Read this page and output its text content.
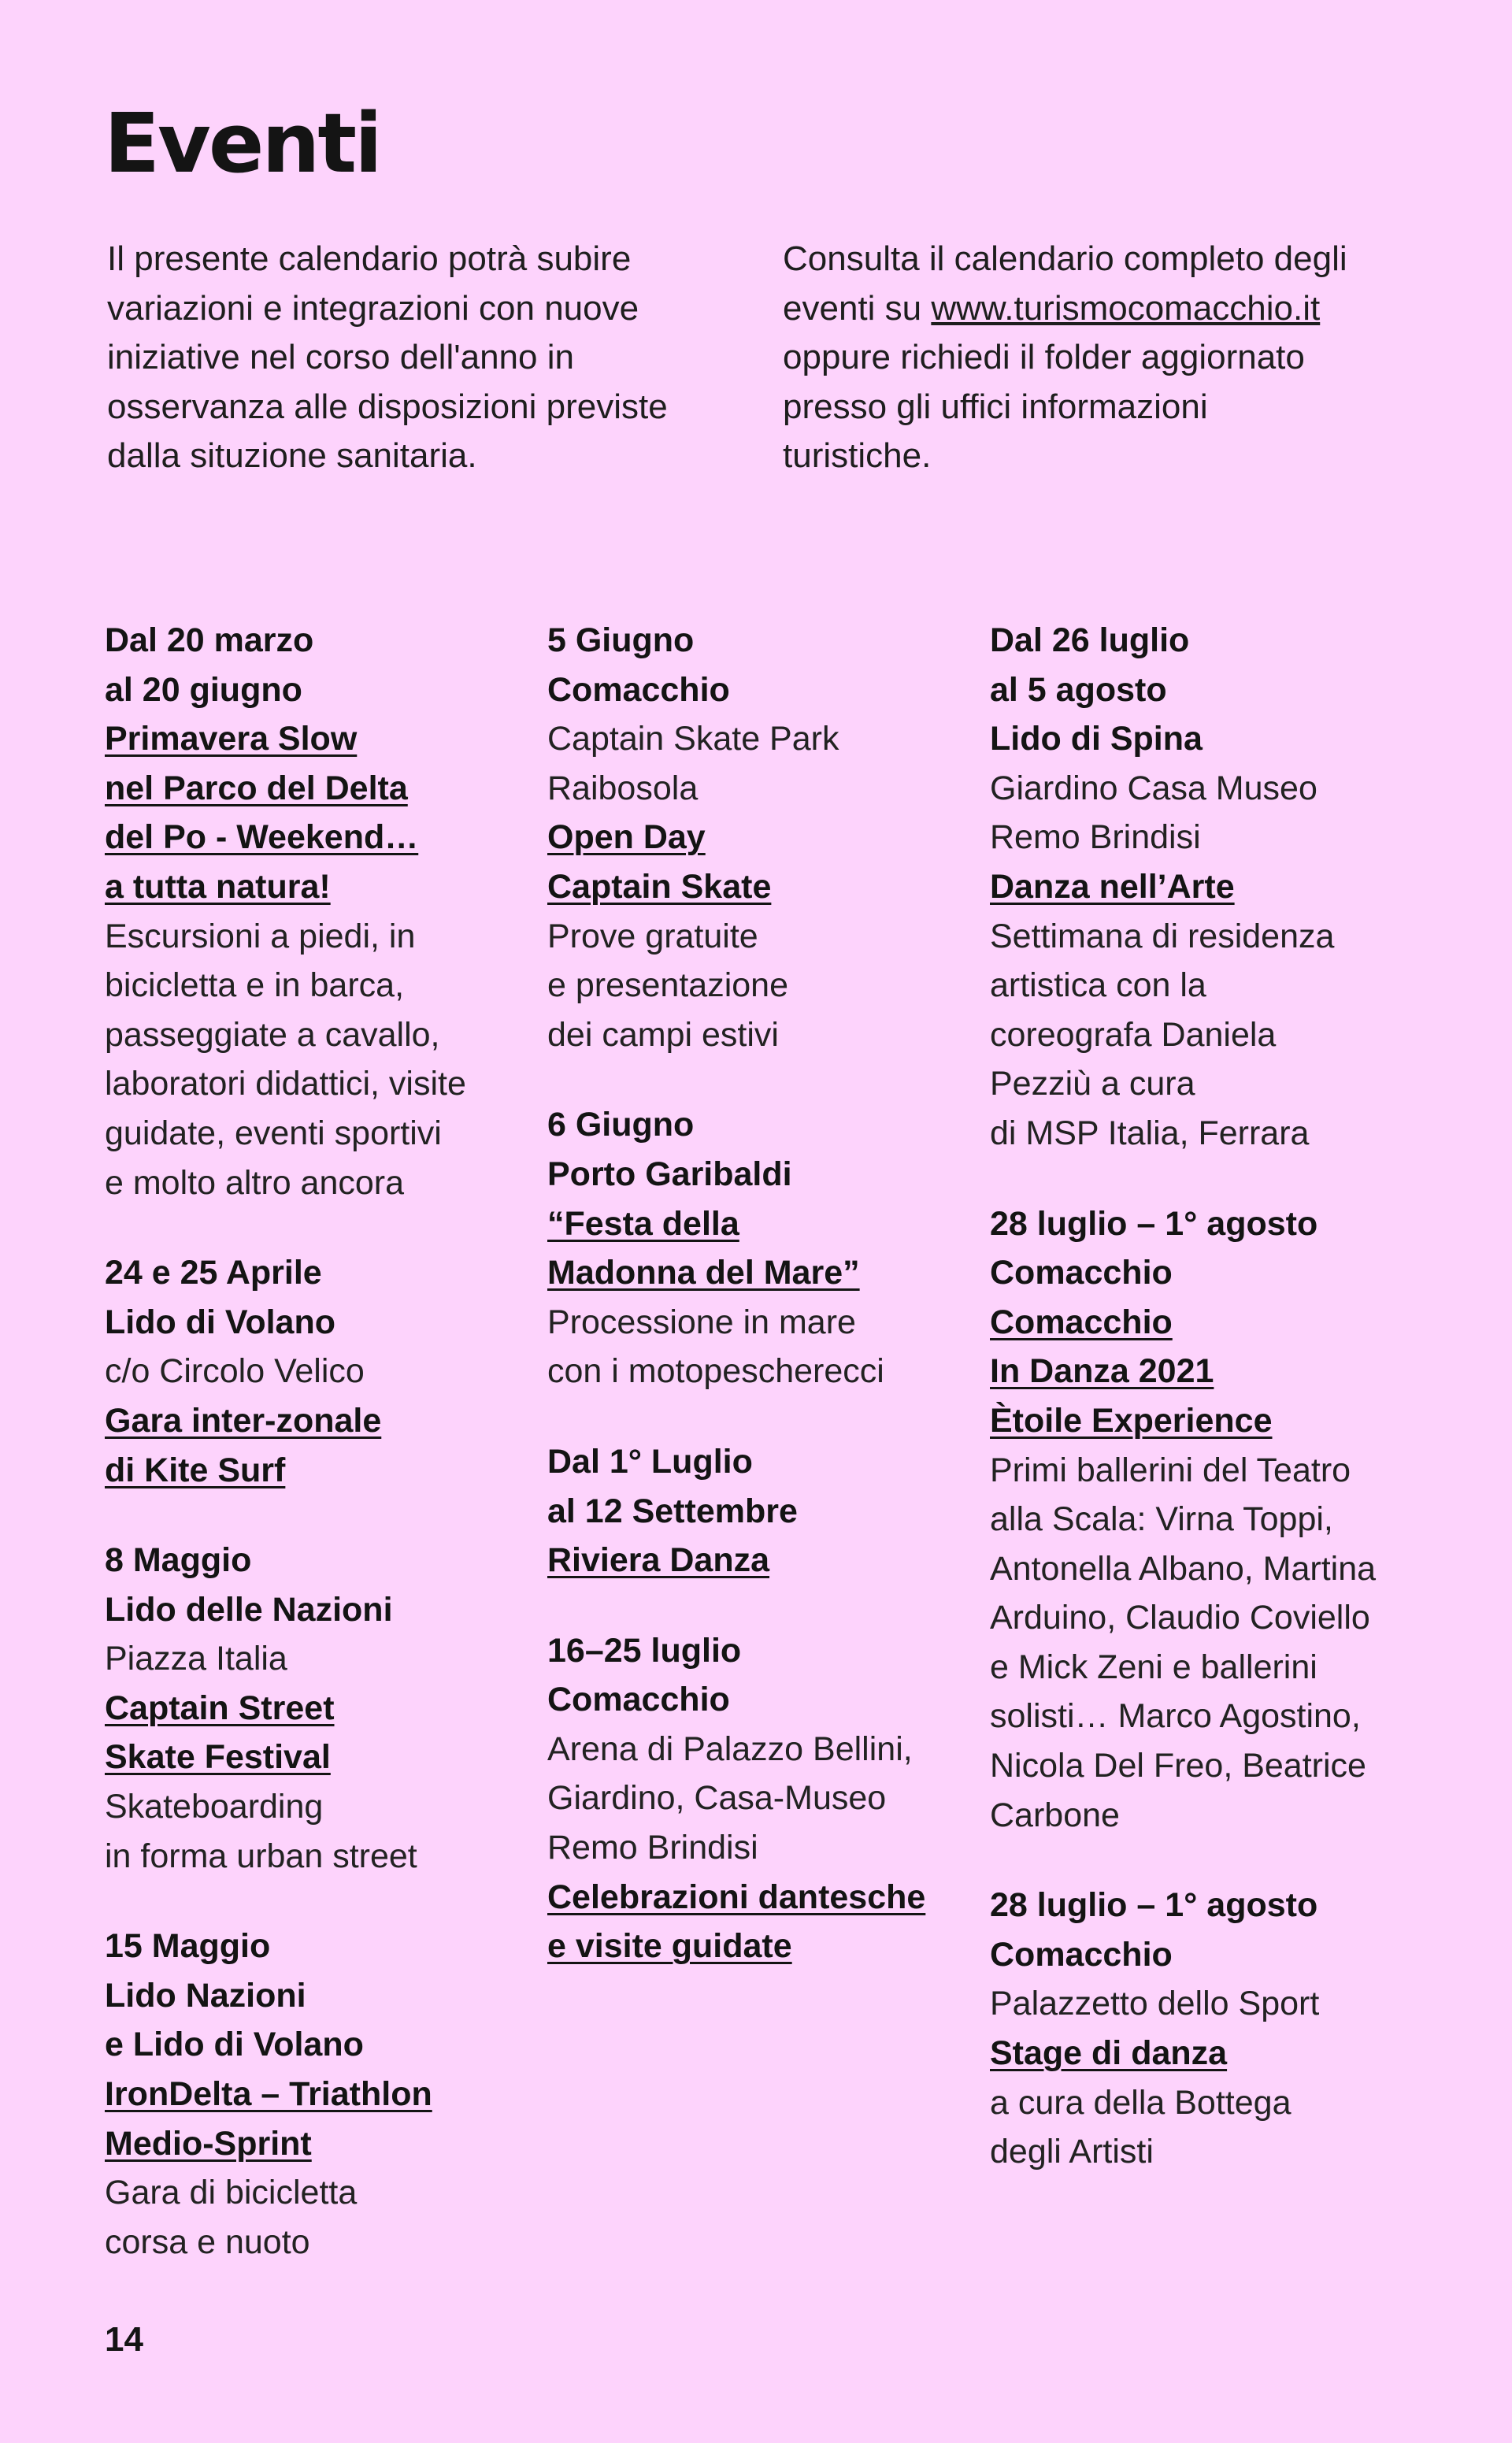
Eventi

Il presente calendario potrà subire
variazioni e integrazioni con nuove
iniziative nel corso dell'anno in
osservanza alle disposizioni previste
dalla situzione sanitaria.

Consulta il calendario completo degli
eventi su www.turismocomacchio.it
oppure richiedi il folder aggiornato
presso gli uffici informazioni
turistiche.

Dal 20 marzo
al 20 giugno
Primavera Slow
nel Parco del Delta
del Po - Weekend…
a tutta natura!
Escursioni a piedi, in
bicicletta e in barca,
passeggiate a cavallo,
laboratori didattici, visite
guidate, eventi sportivi
e molto altro ancora
24 e 25 Aprile
Lido di Volano
c/o Circolo Velico
Gara inter-zonale
di Kite Surf
8 Maggio
Lido delle Nazioni
Piazza Italia
Captain Street
Skate Festival
Skateboarding
in forma urban street
15 Maggio
Lido Nazioni
e Lido di Volano
IronDelta – Triathlon
Medio-Sprint
Gara di bicicletta
corsa e nuoto
5 Giugno
Comacchio
Captain Skate Park
Raibosola
Open Day
Captain Skate
Prove gratuite
e presentazione
dei campi estivi
6 Giugno
Porto Garibaldi
“Festa della
Madonna del Mare”
Processione in mare
con i motopescherecci
Dal 1° Luglio
al 12 Settembre
Riviera Danza
16–25 luglio
Comacchio
Arena di Palazzo Bellini,
Giardino, Casa-Museo
Remo Brindisi
Celebrazioni dantesche
e visite guidate
Dal 26 luglio
al 5 agosto
Lido di Spina
Giardino Casa Museo
Remo Brindisi
Danza nell’Arte
Settimana di residenza
artistica con la
coreografa Daniela
Pezziù a cura
di MSP Italia, Ferrara
28 luglio – 1° agosto
Comacchio
Comacchio
In Danza 2021
Ètoile Experience
Primi ballerini del Teatro
alla Scala: Virna Toppi,
Antonella Albano, Martina
Arduino, Claudio Coviello
e Mick Zeni e ballerini
solisti… Marco Agostino,
Nicola Del Freo, Beatrice
Carbone
28 luglio – 1° agosto
Comacchio
Palazzetto dello Sport
Stage di danza
a cura della Bottega
degli Artisti
14
